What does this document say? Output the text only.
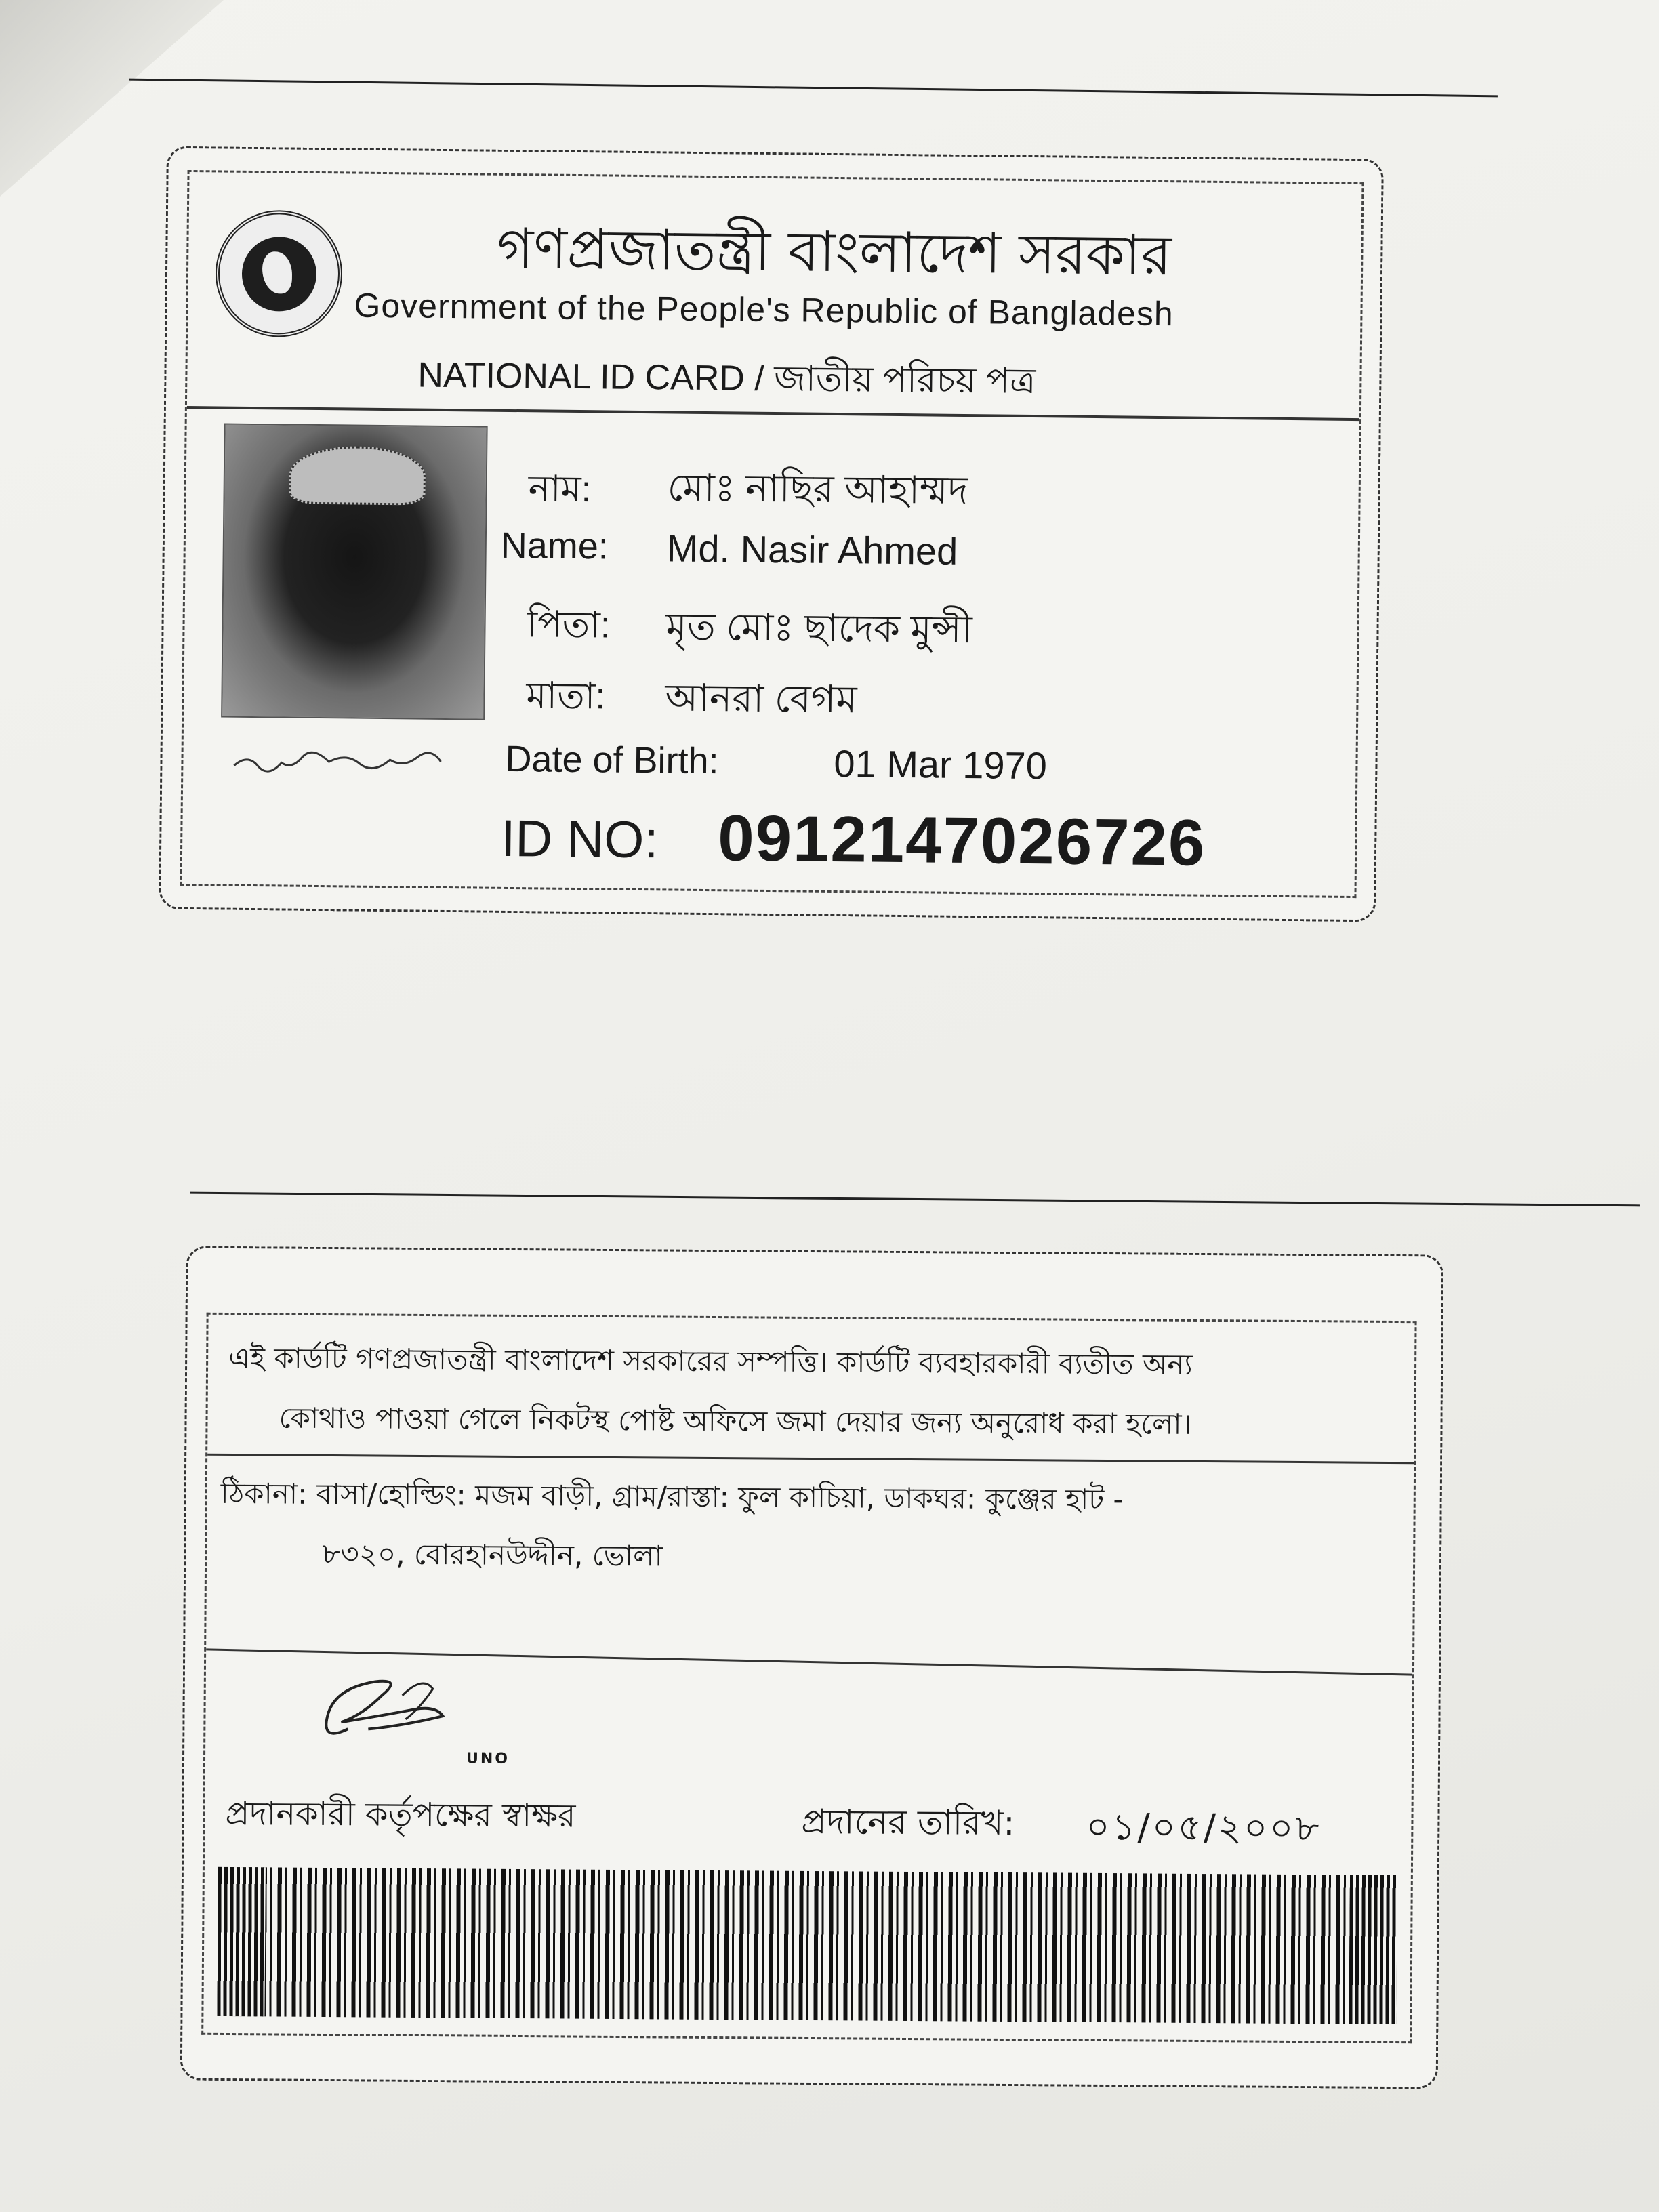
গণপ্রজাতন্ত্রী বাংলাদেশ সরকার
Government of the People's Republic of Bangladesh
NATIONAL ID CARD / জাতীয় পরিচয় পত্র
নাম: মোঃ নাছির আহাম্মদ
Name: Md. Nasir Ahmed
পিতা: মৃত মোঃ ছাদেক মুন্সী
মাতা: আনরা বেগম
Date of Birth:	01 Mar 1970
ID NO: 0912147026726
এই কার্ডটি গণপ্রজাতন্ত্রী বাংলাদেশ সরকারের সম্পত্তি। কার্ডটি ব্যবহারকারী ব্যতীত অন্য
কোথাও পাওয়া গেলে নিকটস্থ পোষ্ট অফিসে জমা দেয়ার জন্য অনুরোধ করা হলো।
ঠিকানা: বাসা/হোল্ডিং: মজম বাড়ী, গ্রাম/রাস্তা: ফুল কাচিয়া, ডাকঘর: কুঞ্জের হাট -
৮৩২০, বোরহানউদ্দীন, ভোলা
UNO
প্রদানকারী কর্তৃপক্ষের স্বাক্ষর	প্রদানের তারিখ: ০১/০৫/২০০৮
